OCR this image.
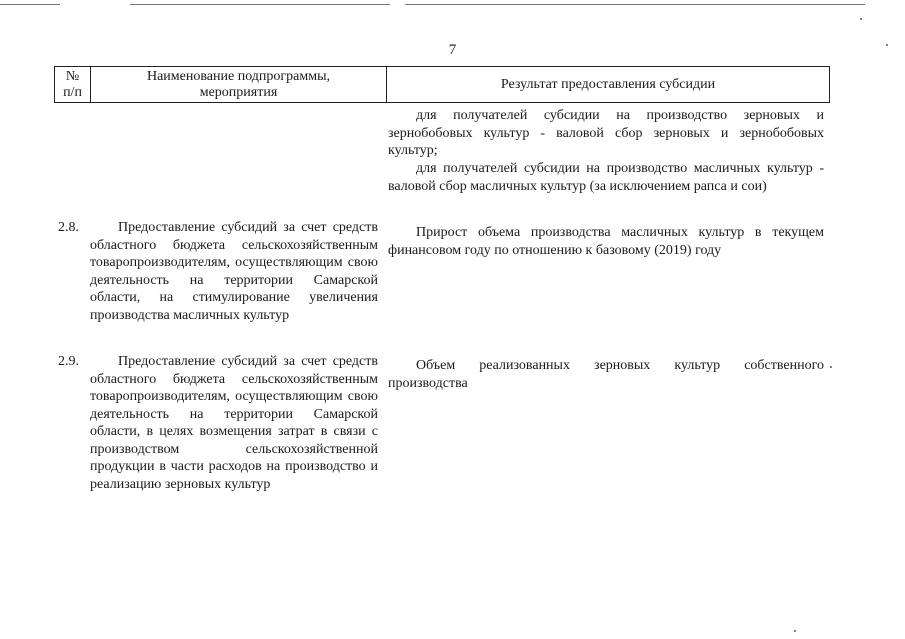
7
№
п/п
Наименование подпрограммы,
мероприятия
Результат предоставления субсидии

для получателей субсидии на производство зерновых и зернобобовых культур - валовой сбор зерновых и зернобобовых культур;

для получателей субсидии на производство масличных культур - валовой сбор масличных культур (за исключением рапса и сои)

2.8.	Предоставление субсидий за счет средств областного бюджета сельскохозяйственным товаропроизводителям, осуществляющим свою деятельность на территории Самарской области, на стимулирование увеличения производства масличных культур

Прирост объема производства масличных культур в текущем финансовом году по отношению к базовому (2019) году

2.9.	Предоставление субсидий за счет средств областного бюджета сельскохозяйственным товаропроизводителям, осуществляющим свою деятельность на территории Самарской области, в целях возмещения затрат в связи с производством сельскохозяйственной продукции в части расходов на производство и реализацию зерновых культур

Объем реализованных зерновых культур собственного производства
